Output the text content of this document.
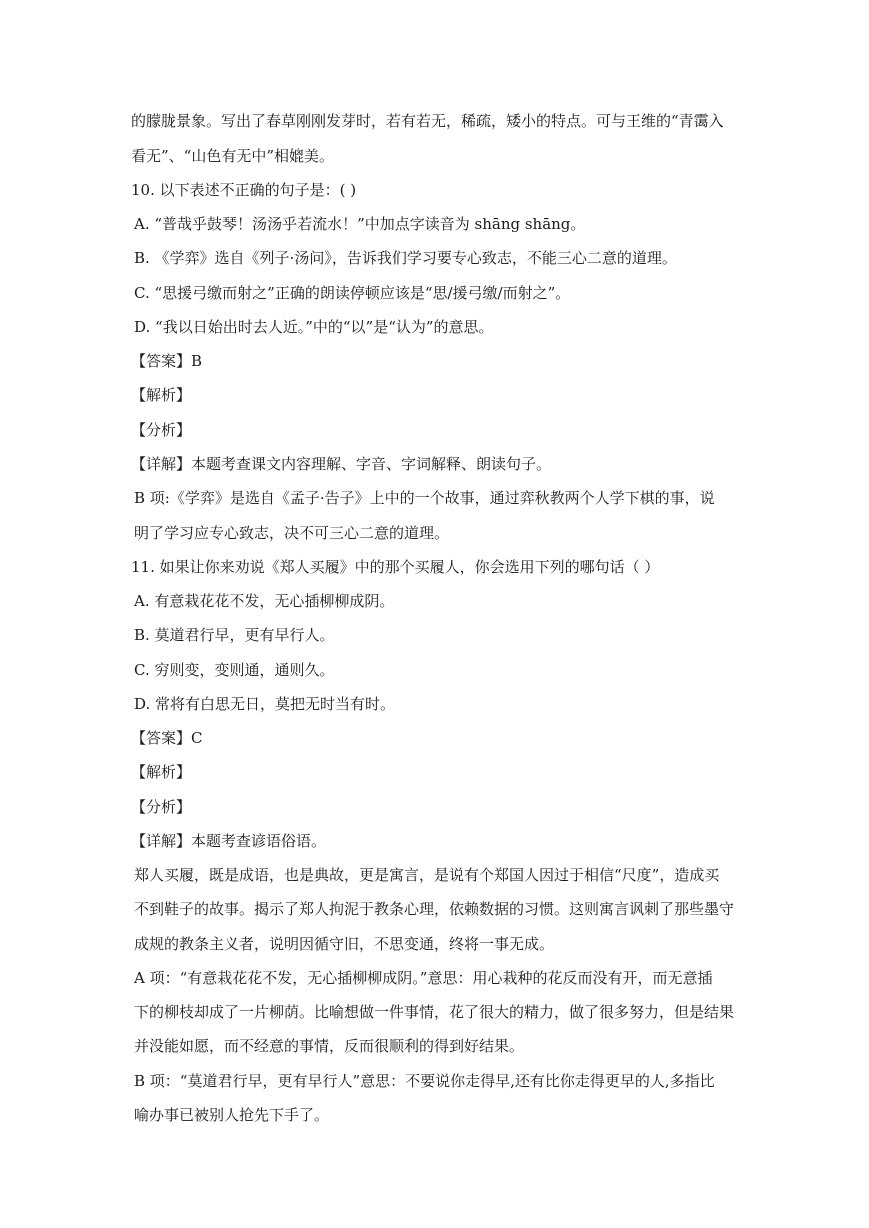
的朦胧景象。写出了春草刚刚发芽时，若有若无，稀疏，矮小的特点。可与王维的“青霭入
看无”、“山色有无中”相媲美。
10. 以下表述不正确的句子是：( )
A. “普哉乎鼓琴！汤汤乎若流水！”中加点字读音为 shāng shāng。
B. 《学弈》选自《列子·汤问》，告诉我们学习要专心致志，不能三心二意的道理。
C. “思援弓缴而射之”正确的朗读停顿应该是“思/援弓缴/而射之”。
D. “我以日始出时去人近。”中的“以”是“认为”的意思。
【答案】B
【解析】
【分析】
【详解】本题考查课文内容理解、字音、字词解释、朗读句子。
B 项:《学弈》是选自《孟子·告子》上中的一个故事，通过弈秋教两个人学下棋的事，说
明了学习应专心致志，决不可三心二意的道理。
11. 如果让你来劝说《郑人买履》中的那个买履人，你会选用下列的哪句话（ ）
A. 有意栽花花不发，无心插柳柳成阴。
B. 莫道君行早，更有早行人。
C. 穷则变，变则通，通则久。
D. 常将有白思无日，莫把无时当有时。
【答案】C
【解析】
【分析】
【详解】本题考查谚语俗语。
郑人买履，既是成语，也是典故，更是寓言，是说有个郑国人因过于相信“尺度”，造成买
不到鞋子的故事。揭示了郑人拘泥于教条心理，依赖数据的习惯。这则寓言讽刺了那些墨守
成规的教条主义者，说明因循守旧，不思变通，终将一事无成。
A 项：“有意栽花花不发，无心插柳柳成阴。”意思：用心栽种的花反而没有开，而无意插
下的柳枝却成了一片柳荫。比喻想做一件事情，花了很大的精力，做了很多努力，但是结果
并没能如愿，而不经意的事情，反而很顺利的得到好结果。
B 项：“莫道君行早，更有早行人”意思：不要说你走得早,还有比你走得更早的人,多指比
喻办事已被别人抢先下手了。
